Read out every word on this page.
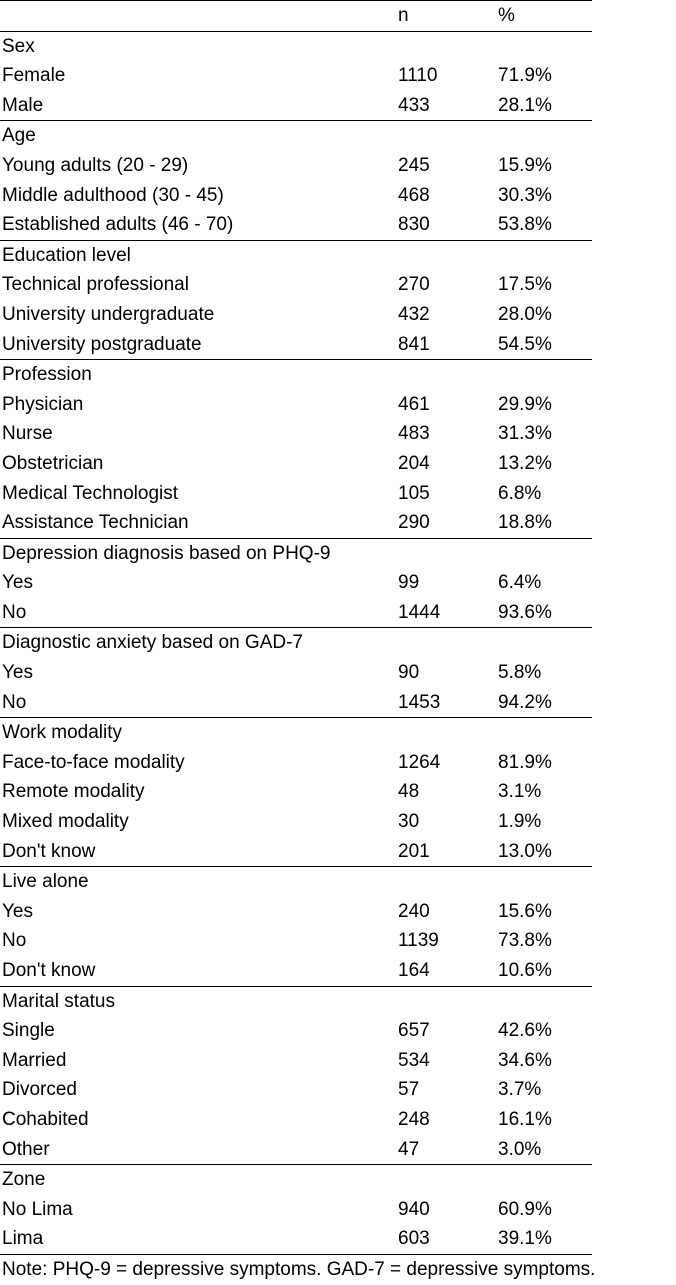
	n	%
Sex		
Female	1110	71.9%
Male	433	28.1%
Age		
Young adults (20 - 29)	245	15.9%
Middle adulthood (30 - 45)	468	30.3%
Established adults (46 - 70)	830	53.8%
Education level		
Technical professional	270	17.5%
University undergraduate	432	28.0%
University postgraduate	841	54.5%
Profession		
Physician	461	29.9%
Nurse	483	31.3%
Obstetrician	204	13.2%
Medical Technologist	105	6.8%
Assistance Technician	290	18.8%
Depression diagnosis based on PHQ-9		
Yes	99	6.4%
No	1444	93.6%
Diagnostic anxiety based on GAD-7		
Yes	90	5.8%
No	1453	94.2%
Work modality		
Face-to-face modality	1264	81.9%
Remote modality	48	3.1%
Mixed modality	30	1.9%
Don't know	201	13.0%
Live alone		
Yes	240	15.6%
No	1139	73.8%
Don't know	164	10.6%
Marital status		
Single	657	42.6%
Married	534	34.6%
Divorced	57	3.7%
Cohabited	248	16.1%
Other	47	3.0%
Zone		
No Lima	940	60.9%
Lima	603	39.1%
Note: PHQ-9 = depressive symptoms. GAD-7 = depressive symptoms.
